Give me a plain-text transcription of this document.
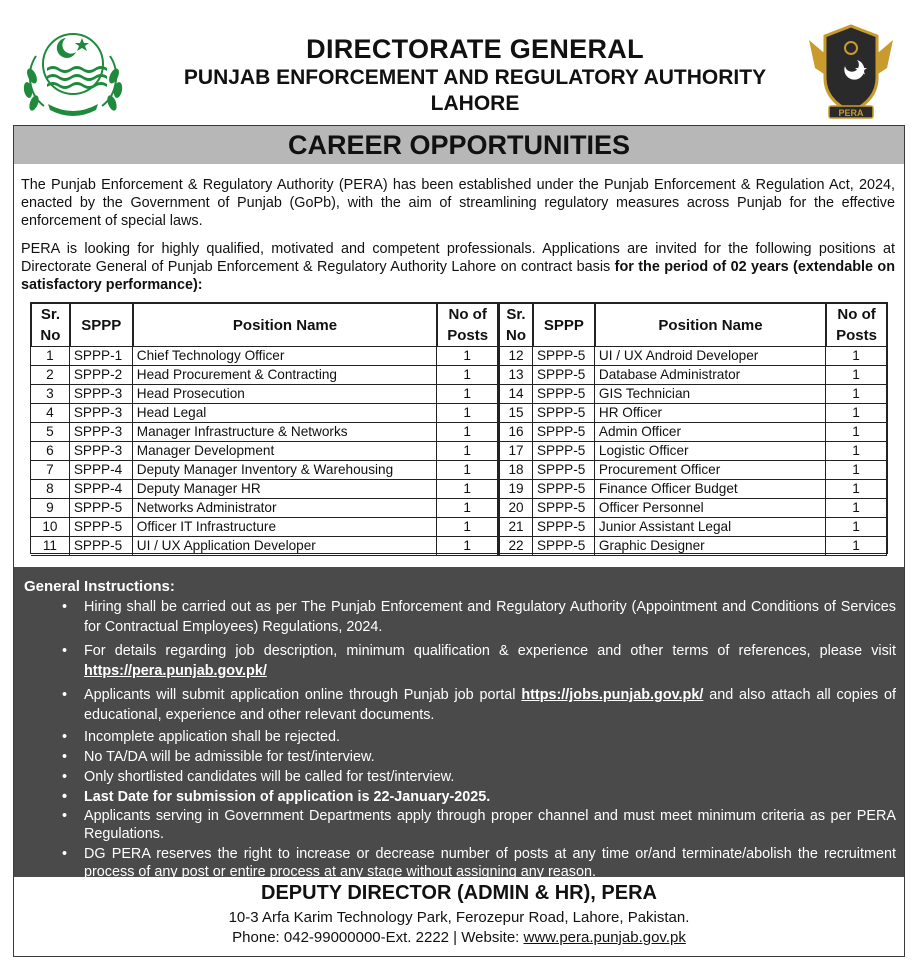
DIRECTORATE GENERAL
PUNJAB ENFORCEMENT AND REGULATORY AUTHORITY
LAHORE	PERA
CAREER OPPORTUNITIES
The Punjab Enforcement & Regulatory Authority (PERA) has been established under the Punjab Enforcement & Regulation Act, 2024, enacted by the Government of Punjab (GoPb), with the aim of streamlining regulatory measures across Punjab for the effective enforcement of special laws.
PERA is looking for highly qualified, motivated and competent professionals. Applications are invited for the following positions at Directorate General of Punjab Enforcement & Regulatory Authority Lahore on contract basis for the period of 02 years (extendable on satisfactory performance):
Sr. No	SPPP	Position Name	No of Posts	Sr. No	SPPP	Position Name	No of Posts
1	SPPP-1	Chief Technology Officer	1	12	SPPP-5	UI / UX Android Developer	1
2	SPPP-2	Head Procurement & Contracting	1	13	SPPP-5	Database Administrator	1
3	SPPP-3	Head Prosecution	1	14	SPPP-5	GIS Technician	1
4	SPPP-3	Head Legal	1	15	SPPP-5	HR Officer	1
5	SPPP-3	Manager Infrastructure & Networks	1	16	SPPP-5	Admin Officer	1
6	SPPP-3	Manager Development	1	17	SPPP-5	Logistic Officer	1
7	SPPP-4	Deputy Manager Inventory & Warehousing	1	18	SPPP-5	Procurement Officer	1
8	SPPP-4	Deputy Manager HR	1	19	SPPP-5	Finance Officer Budget	1
9	SPPP-5	Networks Administrator	1	20	SPPP-5	Officer Personnel	1
10	SPPP-5	Officer IT Infrastructure	1	21	SPPP-5	Junior Assistant Legal	1
11	SPPP-5	UI / UX Application Developer	1	22	SPPP-5	Graphic Designer	1
General Instructions:
• Hiring shall be carried out as per The Punjab Enforcement and Regulatory Authority (Appointment and Conditions of Services for Contractual Employees) Regulations, 2024.
• For details regarding job description, minimum qualification & experience and other terms of references, please visit https://pera.punjab.gov.pk/
• Applicants will submit application online through Punjab job portal https://jobs.punjab.gov.pk/ and also attach all copies of educational, experience and other relevant documents.
• Incomplete application shall be rejected.
• No TA/DA will be admissible for test/interview.
• Only shortlisted candidates will be called for test/interview.
• Last Date for submission of application is 22-January-2025.
• Applicants serving in Government Departments apply through proper channel and must meet minimum criteria as per PERA Regulations.
• DG PERA reserves the right to increase or decrease number of posts at any time or/and terminate/abolish the recruitment process of any post or entire process at any stage without assigning any reason.
DEPUTY DIRECTOR (ADMIN & HR), PERA
10-3 Arfa Karim Technology Park, Ferozepur Road, Lahore, Pakistan.
Phone: 042-99000000-Ext. 2222 | Website: www.pera.punjab.gov.pk
